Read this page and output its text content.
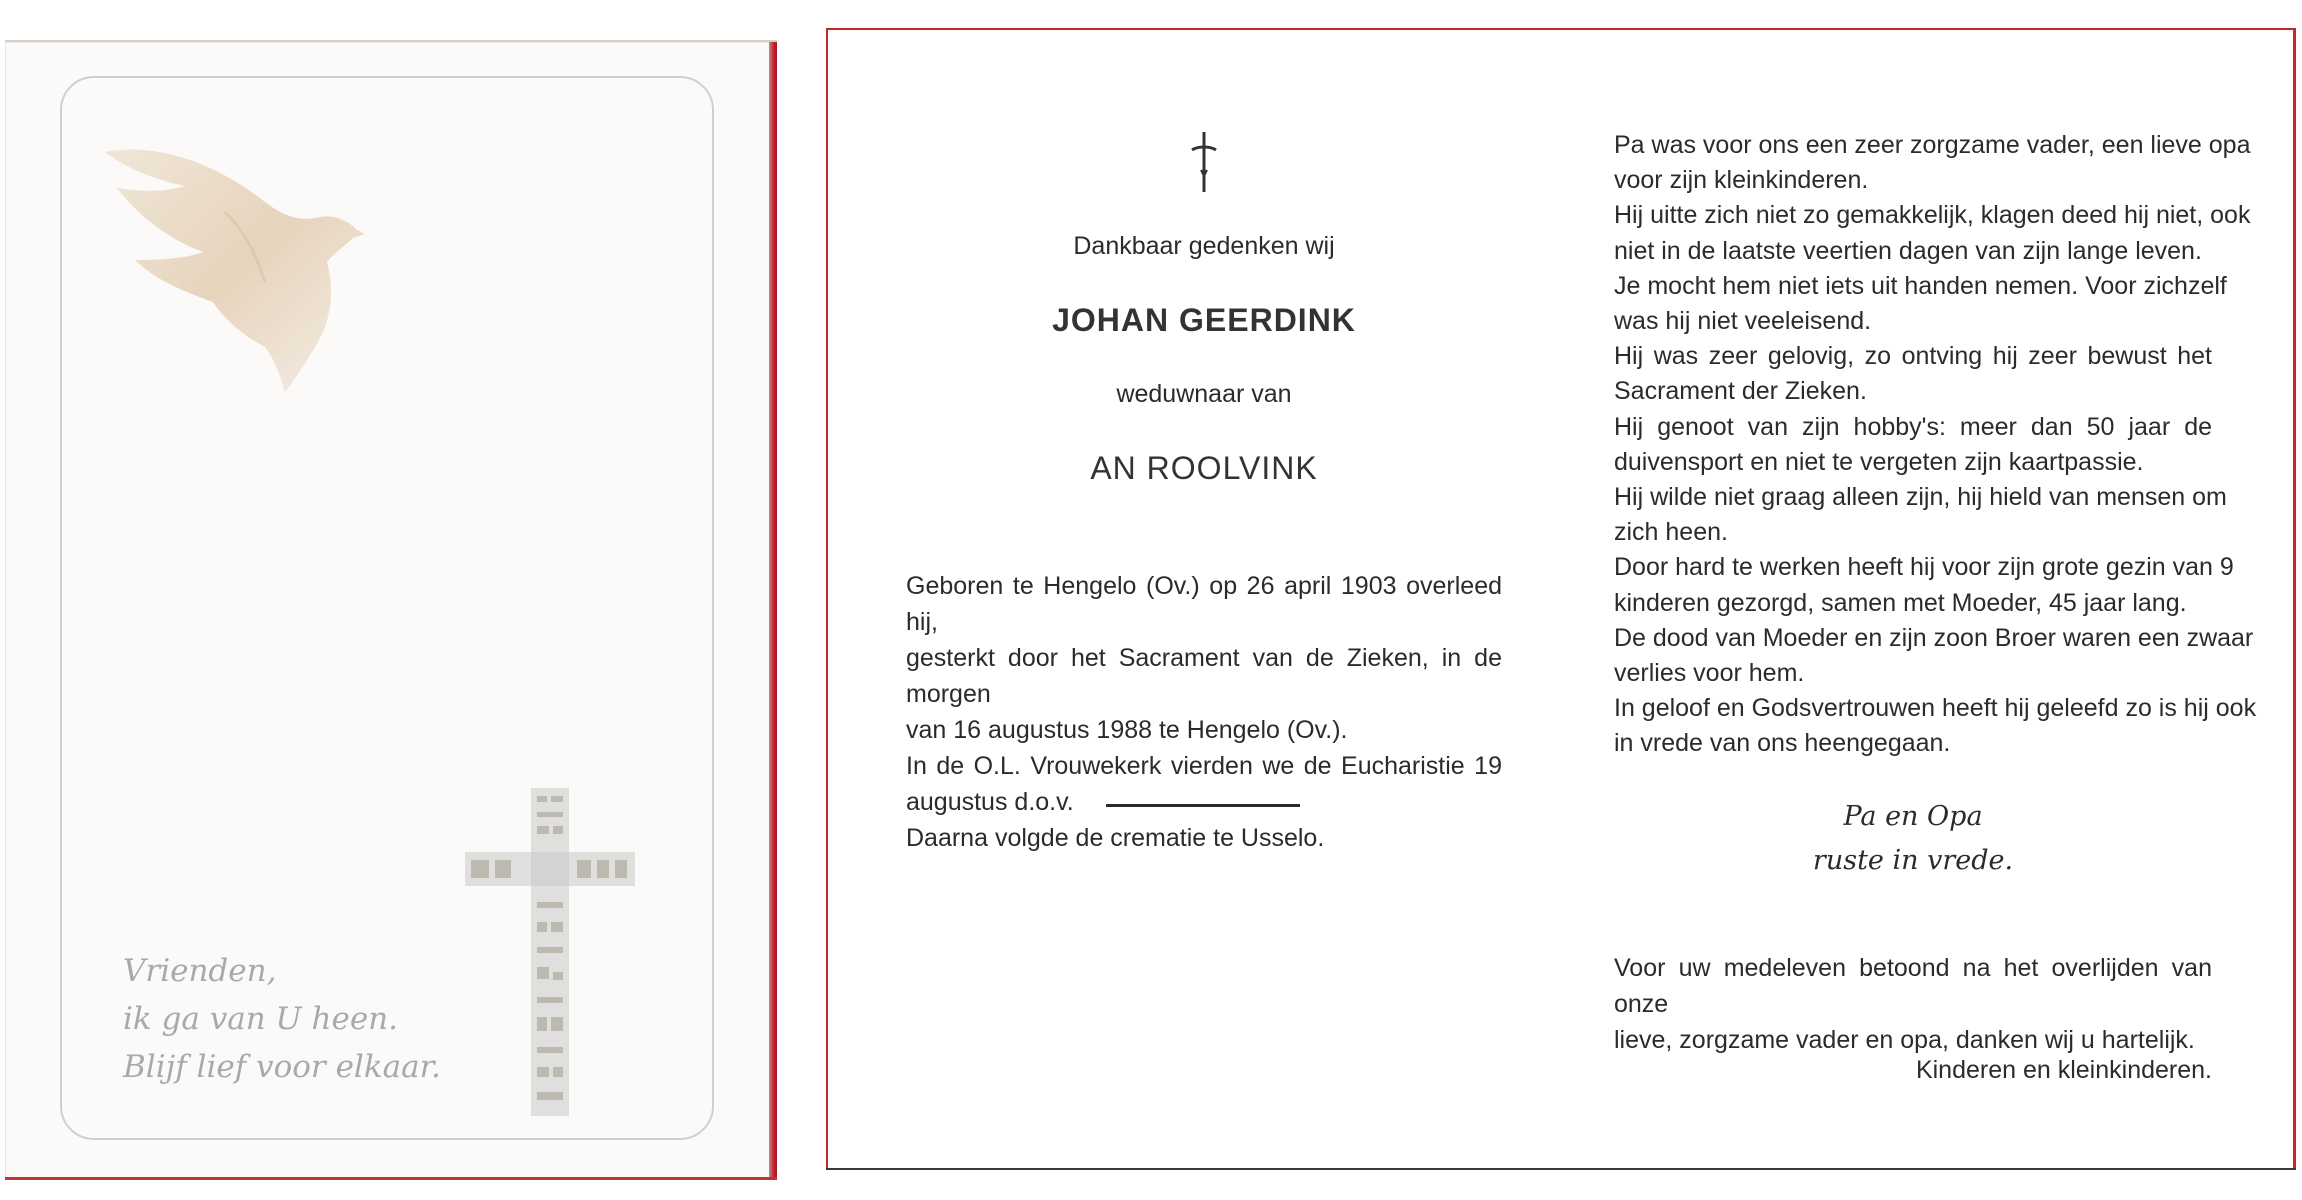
Vrienden,
ik ga van U heen.
Blijf lief voor elkaar.
Dankbaar gedenken wij
JOHAN GEERDINK
weduwnaar van
AN ROOLVINK
Geboren te Hengelo (Ov.) op 26 april 1903 overleed hij,
gesterkt door het Sacrament van de Zieken, in de morgen
van 16 augustus 1988 te Hengelo (Ov.).
In de O.L. Vrouwekerk vierden we de Eucharistie 19
augustus d.o.v.
Daarna volgde de crematie te Usselo.
Pa was voor ons een zeer zorgzame vader, een lieve opa
voor zijn kleinkinderen.
Hij uitte zich niet zo gemakkelijk, klagen deed hij niet, ook
niet in de laatste veertien dagen van zijn lange leven.
Je mocht hem niet iets uit handen nemen. Voor zichzelf
was hij niet veeleisend.
Hij was zeer gelovig, zo ontving hij zeer bewust het
Sacrament der Zieken.
Hij genoot van zijn hobby's: meer dan 50 jaar de
duivensport en niet te vergeten zijn kaartpassie.
Hij wilde niet graag alleen zijn, hij hield van mensen om
zich heen.
Door hard te werken heeft hij voor zijn grote gezin van 9
kinderen gezorgd, samen met Moeder, 45 jaar lang.
De dood van Moeder en zijn zoon Broer waren een zwaar
verlies voor hem.
In geloof en Godsvertrouwen heeft hij geleefd zo is hij ook
in vrede van ons heengegaan.
Pa en Opa
ruste in vrede.
Voor uw medeleven betoond na het overlijden van onze
lieve, zorgzame vader en opa, danken wij u hartelijk.
Kinderen en kleinkinderen.
